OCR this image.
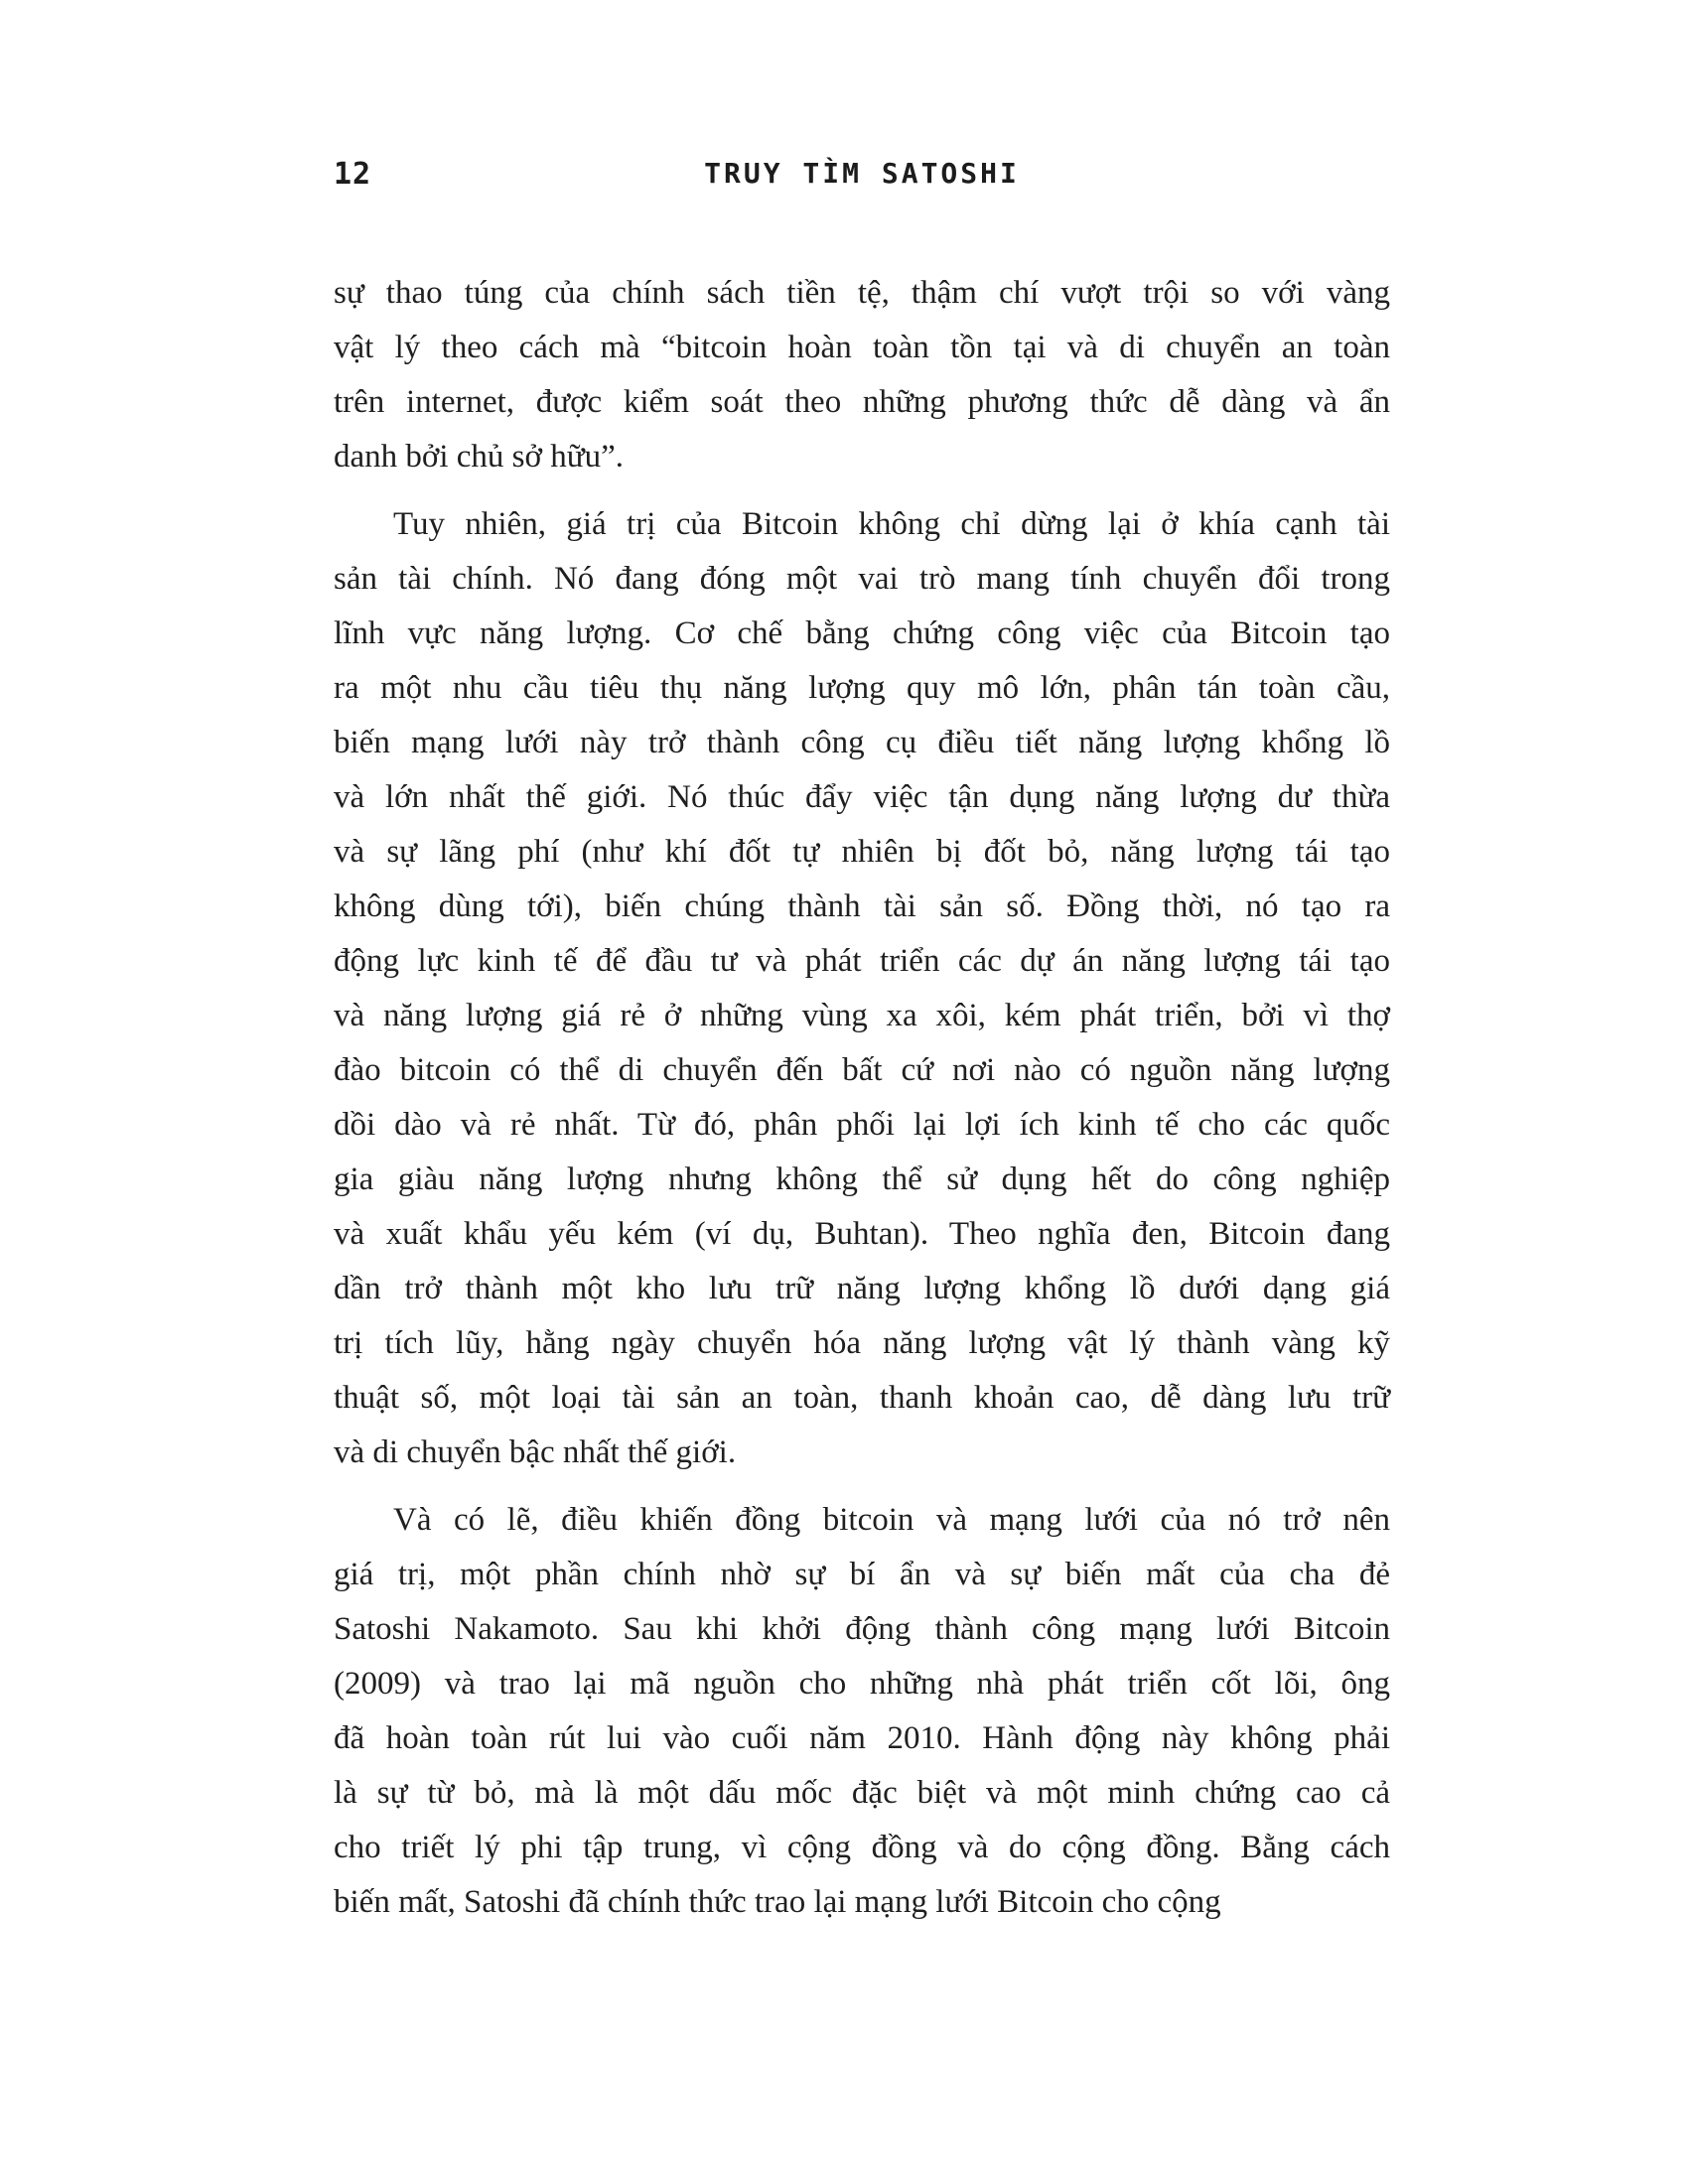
12	TRUY TÌM SATOSHI
sự thao túng của chính sách tiền tệ, thậm chí vượt trội so với vàng
vật lý theo cách mà “bitcoin hoàn toàn tồn tại và di chuyển an toàn
trên internet, được kiểm soát theo những phương thức dễ dàng và ẩn
danh bởi chủ sở hữu”.
Tuy nhiên, giá trị của Bitcoin không chỉ dừng lại ở khía cạnh tài
sản tài chính. Nó đang đóng một vai trò mang tính chuyển đổi trong
lĩnh vực năng lượng. Cơ chế bằng chứng công việc của Bitcoin tạo
ra một nhu cầu tiêu thụ năng lượng quy mô lớn, phân tán toàn cầu,
biến mạng lưới này trở thành công cụ điều tiết năng lượng khổng lồ
và lớn nhất thế giới. Nó thúc đẩy việc tận dụng năng lượng dư thừa
và sự lãng phí (như khí đốt tự nhiên bị đốt bỏ, năng lượng tái tạo
không dùng tới), biến chúng thành tài sản số. Đồng thời, nó tạo ra
động lực kinh tế để đầu tư và phát triển các dự án năng lượng tái tạo
và năng lượng giá rẻ ở những vùng xa xôi, kém phát triển, bởi vì thợ
đào bitcoin có thể di chuyển đến bất cứ nơi nào có nguồn năng lượng
dồi dào và rẻ nhất. Từ đó, phân phối lại lợi ích kinh tế cho các quốc
gia giàu năng lượng nhưng không thể sử dụng hết do công nghiệp
và xuất khẩu yếu kém (ví dụ, Buhtan). Theo nghĩa đen, Bitcoin đang
dần trở thành một kho lưu trữ năng lượng khổng lồ dưới dạng giá
trị tích lũy, hằng ngày chuyển hóa năng lượng vật lý thành vàng kỹ
thuật số, một loại tài sản an toàn, thanh khoản cao, dễ dàng lưu trữ
và di chuyển bậc nhất thế giới.
Và có lẽ, điều khiến đồng bitcoin và mạng lưới của nó trở nên
giá trị, một phần chính nhờ sự bí ẩn và sự biến mất của cha đẻ
Satoshi Nakamoto. Sau khi khởi động thành công mạng lưới Bitcoin
(2009) và trao lại mã nguồn cho những nhà phát triển cốt lõi, ông
đã hoàn toàn rút lui vào cuối năm 2010. Hành động này không phải
là sự từ bỏ, mà là một dấu mốc đặc biệt và một minh chứng cao cả
cho triết lý phi tập trung, vì cộng đồng và do cộng đồng. Bằng cách
biến mất, Satoshi đã chính thức trao lại mạng lưới Bitcoin cho cộng
